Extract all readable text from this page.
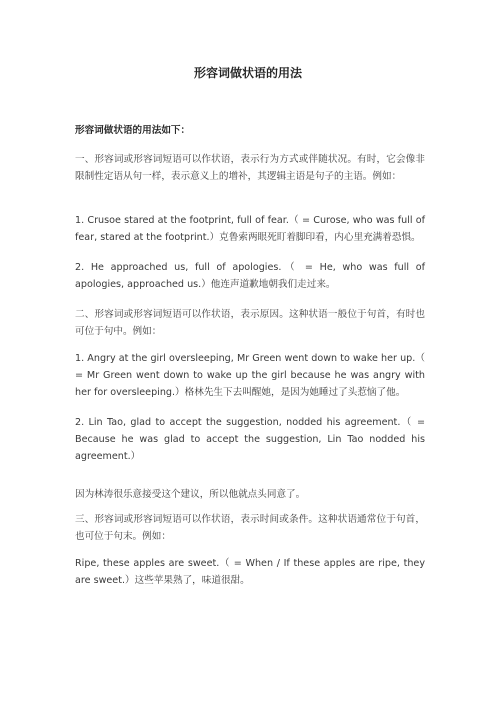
形容词做状语的用法

形容词做状语的用法如下：

一、形容词或形容词短语可以作状语，表示行为方式或伴随状况。有时，它会像非限制性定语从句一样，表示意义上的增补，其逻辑主语是句子的主语。例如：

1. Crusoe stared at the footprint, full of fear.（ = Curose, who was full of fear, stared at the footprint.）克鲁索两眼死盯着脚印看，内心里充满着恐惧。

2. He approached us, full of apologies.（ = He, who was full of apologies, approached us.）他连声道歉地朝我们走过来。

二、形容词或形容词短语可以作状语，表示原因。这种状语一般位于句首，有时也可位于句中。例如：

1. Angry at the girl oversleeping, Mr Green went down to wake her up.（ = Mr Green went down to wake up the girl because he was angry with her for oversleeping.）格林先生下去叫醒她，是因为她睡过了头惹恼了他。

2. Lin Tao, glad to accept the suggestion, nodded his agreement.（ = Because he was glad to accept the suggestion, Lin Tao nodded his agreement.）

因为林涛很乐意接受这个建议，所以他就点头同意了。

三、形容词或形容词短语可以作状语，表示时间或条件。这种状语通常位于句首，也可位于句末。例如：

Ripe, these apples are sweet.（ = When / If these apples are ripe, they are sweet.）这些苹果熟了，味道很甜。
